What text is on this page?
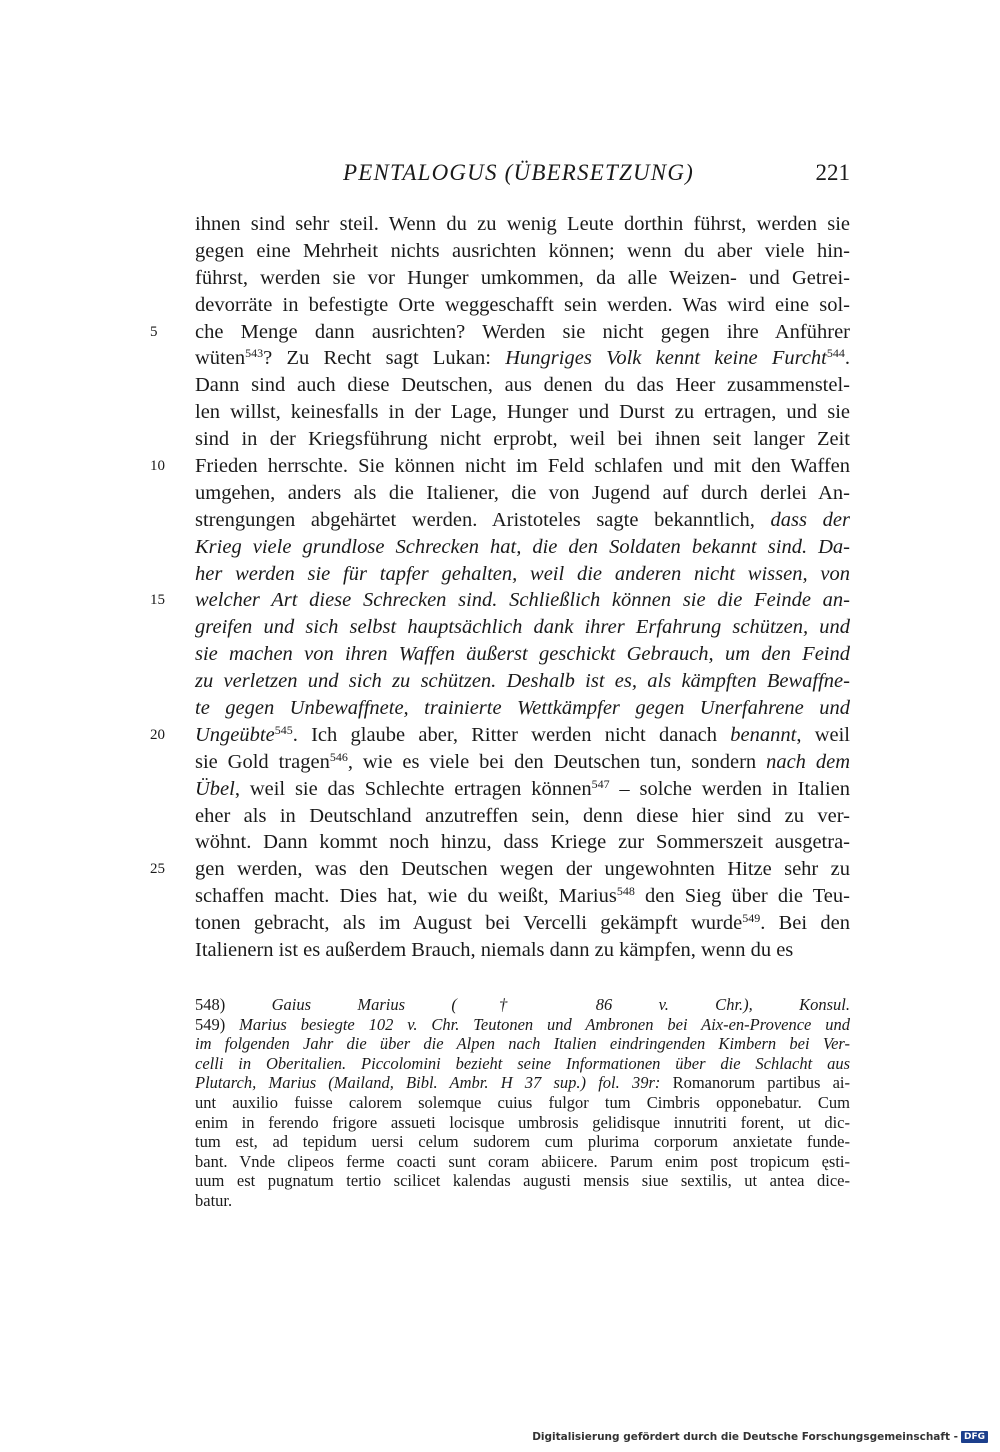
PENTALOGUS (ÜBERSETZUNG)	221
ihnen sind sehr steil. Wenn du zu wenig Leute dorthin führst, werden sie
gegen eine Mehrheit nichts ausrichten können; wenn du aber viele hin-
führst, werden sie vor Hunger umkommen, da alle Weizen- und Getrei-
devorräte in befestigte Orte weggeschafft sein werden. Was wird eine sol-
5	che Menge dann ausrichten? Werden sie nicht gegen ihre Anführer
wüten$^{543}$? Zu Recht sagt Lukan: Hungriges Volk kennt keine Furcht$^{544}$.
Dann sind auch diese Deutschen, aus denen du das Heer zusammenstel-
len willst, keinesfalls in der Lage, Hunger und Durst zu ertragen, und sie
sind in der Kriegsführung nicht erprobt, weil bei ihnen seit langer Zeit
10	Frieden herrschte. Sie können nicht im Feld schlafen und mit den Waffen
umgehen, anders als die Italiener, die von Jugend auf durch derlei An-
strengungen abgehärtet werden. Aristoteles sagte bekanntlich, dass der
Krieg viele grundlose Schrecken hat, die den Soldaten bekannt sind. Da-
her werden sie für tapfer gehalten, weil die anderen nicht wissen, von
15	welcher Art diese Schrecken sind. Schließlich können sie die Feinde an-
greifen und sich selbst hauptsächlich dank ihrer Erfahrung schützen, und
sie machen von ihren Waffen äußerst geschickt Gebrauch, um den Feind
zu verletzen und sich zu schützen. Deshalb ist es, als kämpften Bewaffne-
te gegen Unbewaffnete, trainierte Wettkämpfer gegen Unerfahrene und
20	Ungeübte$^{545}$. Ich glaube aber, Ritter werden nicht danach benannt, weil
sie Gold tragen$^{546}$, wie es viele bei den Deutschen tun, sondern nach dem
Übel, weil sie das Schlechte ertragen können$^{547}$ – solche werden in Italien
eher als in Deutschland anzutreffen sein, denn diese hier sind zu ver-
wöhnt. Dann kommt noch hinzu, dass Kriege zur Sommerszeit ausgetra-
25	gen werden, was den Deutschen wegen der ungewohnten Hitze sehr zu
schaffen macht. Dies hat, wie du weißt, Marius$^{548}$ den Sieg über die Teu-
tonen gebracht, als im August bei Vercelli gekämpft wurde$^{549}$. Bei den
Italienern ist es außerdem Brauch, niemals dann zu kämpfen, wenn du es
548) Gaius Marius († 86 v. Chr.), Konsul.
549) Marius besiegte 102 v. Chr. Teutonen und Ambronen bei Aix-en-Provence und
im folgenden Jahr die über die Alpen nach Italien eindringenden Kimbern bei Ver-
celli in Oberitalien. Piccolomini bezieht seine Informationen über die Schlacht aus
Plutarch, Marius (Mailand, Bibl. Ambr. H 37 sup.) fol. 39r: Romanorum partibus ai-
unt auxilio fuisse calorem solemque cuius fulgor tum Cimbris opponebatur. Cum
enim in ferendo frigore assueti locisque umbrosis gelidisque innutriti forent, ut dic-
tum est, ad tepidum uersi celum sudorem cum plurima corporum anxietate funde-
bant. Vnde clipeos ferme coacti sunt coram abiicere. Parum enim post tropicum ęsti-
uum est pugnatum tertio scilicet kalendas augusti mensis siue sextilis, ut antea dice-
batur.
Digitalisierung gefördert durch die Deutsche Forschungsgemeinschaft - DFG
